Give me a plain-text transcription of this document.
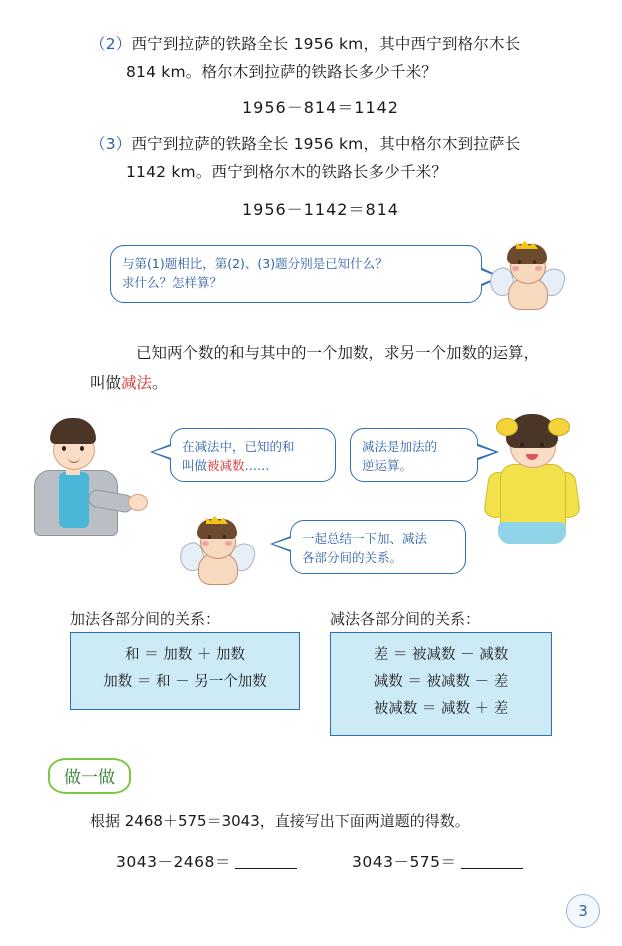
（2）西宁到拉萨的铁路全长 1956 km，其中西宁到格尔木长
814 km。格尔木到拉萨的铁路长多少千米？
1956－814＝1142
（3）西宁到拉萨的铁路全长 1956 km，其中格尔木到拉萨长
1142 km。西宁到格尔木的铁路长多少千米？
1956－1142＝814
与第(1)题相比，第(2)、(3)题分别是已知什么？
求什么？怎样算？
已知两个数的和与其中的一个加数，求另一个加数的运算，
叫做减法。
在减法中，已知的和
叫做被减数……
减法是加法的
逆运算。
一起总结一下加、减法
各部分间的关系。
加法各部分间的关系：
和 ＝ 加数 ＋ 加数
加数 ＝ 和 － 另一个加数
减法各部分间的关系：
差 ＝ 被减数 － 减数
减数 ＝ 被减数 － 差
被减数 ＝ 减数 ＋ 差
做一做
根据 2468＋575＝3043，直接写出下面两道题的得数。
3043－2468＝	3043－575＝
3
